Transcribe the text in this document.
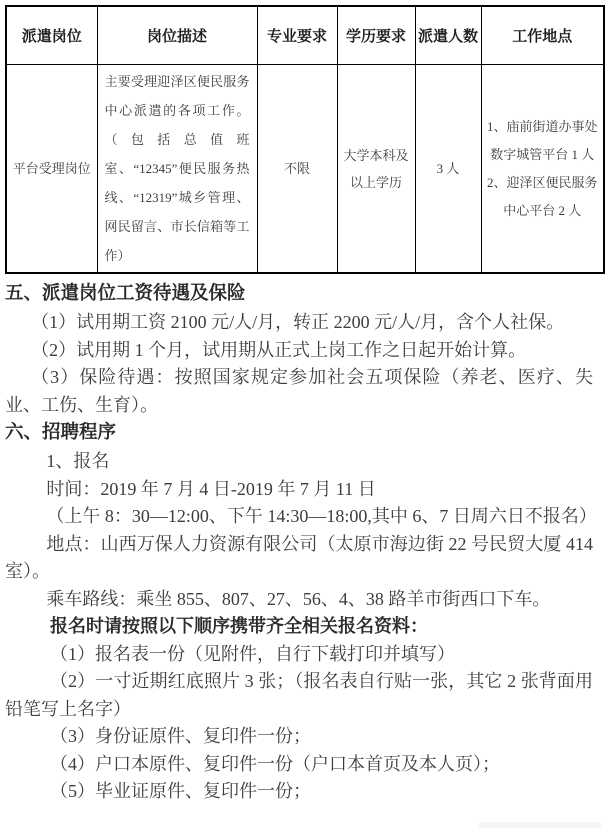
派遣岗位	岗位描述	专业要求	学历要求	派遣人数	工作地点
平台受理岗位	主要受理迎泽区便民服务中心派遣的各项工作。（包括总值班室、“12345”便民服务热线、“12319”城乡管理、网民留言、市长信箱等工作）	不限	大学本科及以上学历	3 人	1、庙前街道办事处数字城管平台 1 人
2、迎泽区便民服务中心平台 2 人
五、派遣岗位工资待遇及保险

（1）试用期工资 2100 元/人/月，转正 2200 元/人/月，含个人社保。

（2）试用期 1 个月，试用期从正式上岗工作之日起开始计算。

（3）保险待遇：按照国家规定参加社会五项保险（养老、医疗、失业、工伤、生育）。

六、招聘程序

1、报名

时间：2019 年 7 月 4 日-2019 年 7 月 11 日

（上午 8：30—12:00、下午 14:30—18:00,其中 6、7 日周六日不报名）

地点：山西万保人力资源有限公司（太原市海边街 22 号民贸大厦 414 室）。

乘车路线：乘坐 855、807、27、56、4、38 路羊市街西口下车。

报名时请按照以下顺序携带齐全相关报名资料：

（1）报名表一份（见附件，自行下载打印并填写）

（2）一寸近期红底照片 3 张；（报名表自行贴一张，其它 2 张背面用铅笔写上名字）

（3）身份证原件、复印件一份；

（4）户口本原件、复印件一份（户口本首页及本人页）；

（5）毕业证原件、复印件一份；
